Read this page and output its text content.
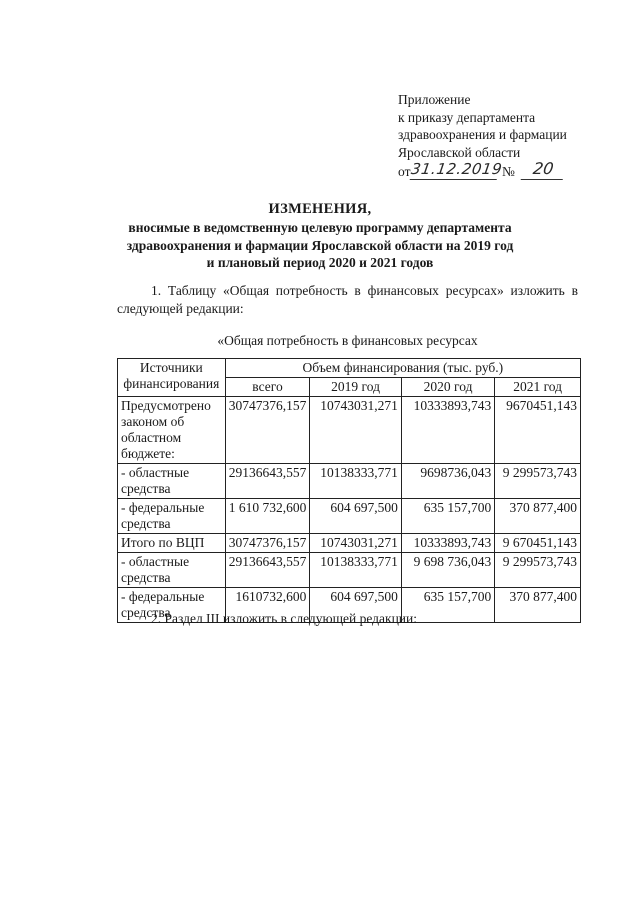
Приложение
к приказу департамента
здравоохранения и фармации
Ярославской области
от 31.12.2019
№	20
ИЗМЕНЕНИЯ,
вносимые в ведомственную целевую программу департамента
здравоохранения и фармации Ярославской области на 2019 год
и плановый период 2020 и 2021 годов
1. Таблицу «Общая потребность в финансовых ресурсах» изложить в следующей редакции:
«Общая потребность в финансовых ресурсах
Источники финансирования	Объем финансирования (тыс. руб.)			
	всего	2019 год	2020 год	2021 год
Предусмотрено законом об областном бюджете:	30747376,157	10743031,271	10333893,743	9670451,143
- областные средства	29136643,557	10138333,771	9698736,043	9 299573,743
- федеральные средства	1 610 732,600	604 697,500	635 157,700	370 877,400
Итого по ВЦП	30747376,157	10743031,271	10333893,743	9 670451,143
- областные средства	29136643,557	10138333,771	9 698 736,043	9 299573,743
- федеральные средства	1610732,600	604 697,500	635 157,700	370 877,400
2. Раздел III изложить в следующей редакции:
